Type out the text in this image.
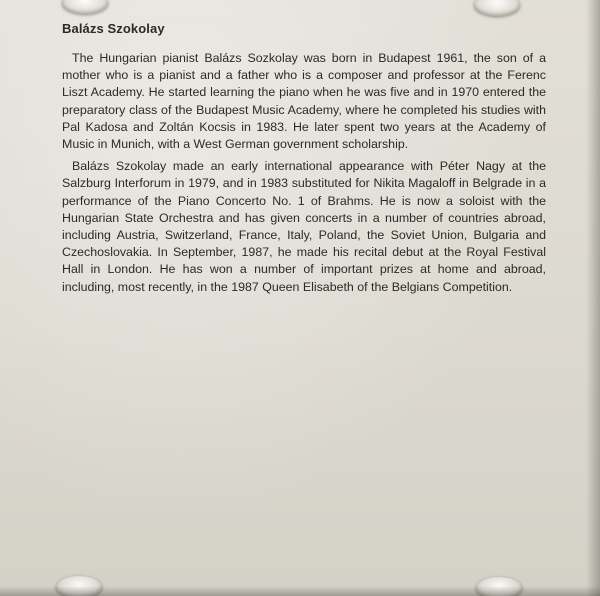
Balázs Szokolay

The Hungarian pianist Balázs Sozkolay was born in Budapest 1961, the son of a mother who is a pianist and a father who is a composer and professor at the Ferenc Liszt Academy. He started learning the piano when he was five and in 1970 entered the preparatory class of the Budapest Music Academy, where he completed his studies with Pal Kadosa and Zoltán Kocsis in 1983. He later spent two years at the Academy of Music in Munich, with a West German government scholarship.

Balázs Szokolay made an early international appearance with Péter Nagy at the Salzburg Interforum in 1979, and in 1983 substituted for Nikita Magaloff in Belgrade in a performance of the Piano Concerto No. 1 of Brahms. He is now a soloist with the Hungarian State Orchestra and has given concerts in a number of countries abroad, including Austria, Switzerland, France, Italy, Poland, the Soviet Union, Bulgaria and Czechoslovakia. In September, 1987, he made his recital debut at the Royal Festival Hall in London. He has won a number of important prizes at home and abroad, including, most recently, in the 1987 Queen Elisabeth of the Belgians Competition.
